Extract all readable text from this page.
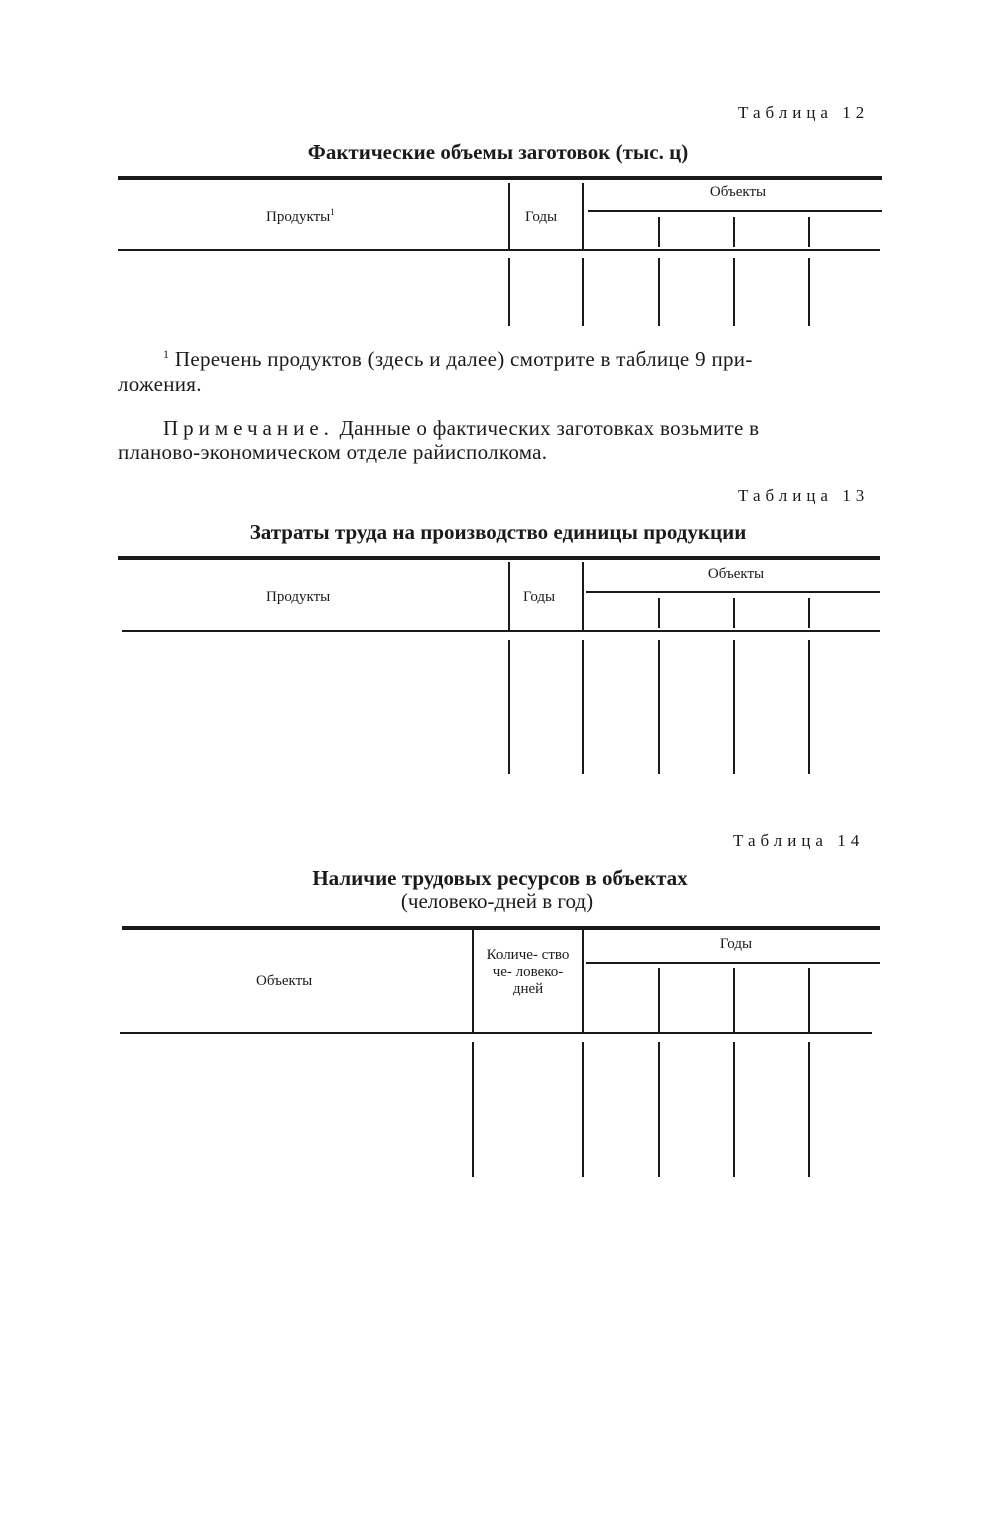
Таблица 12
Фактические объемы заготовок (тыс. ц)
Продукты$^1$	Годы
Объекты
$^1$ Перечень продуктов (здесь и далее) смотрите в таблице 9 при-
ложения.
Примечание. Данные о фактических заготовках возьмите в
планово-экономическом отделе райисполкома.
Таблица 13
Затраты труда на производство единицы продукции
Продукты	Годы
Объекты
Таблица 14
Наличие трудовых ресурсов в объектах
(человеко-дней в год)
Объекты
Количе- ство че- ловеко- дней
Годы
